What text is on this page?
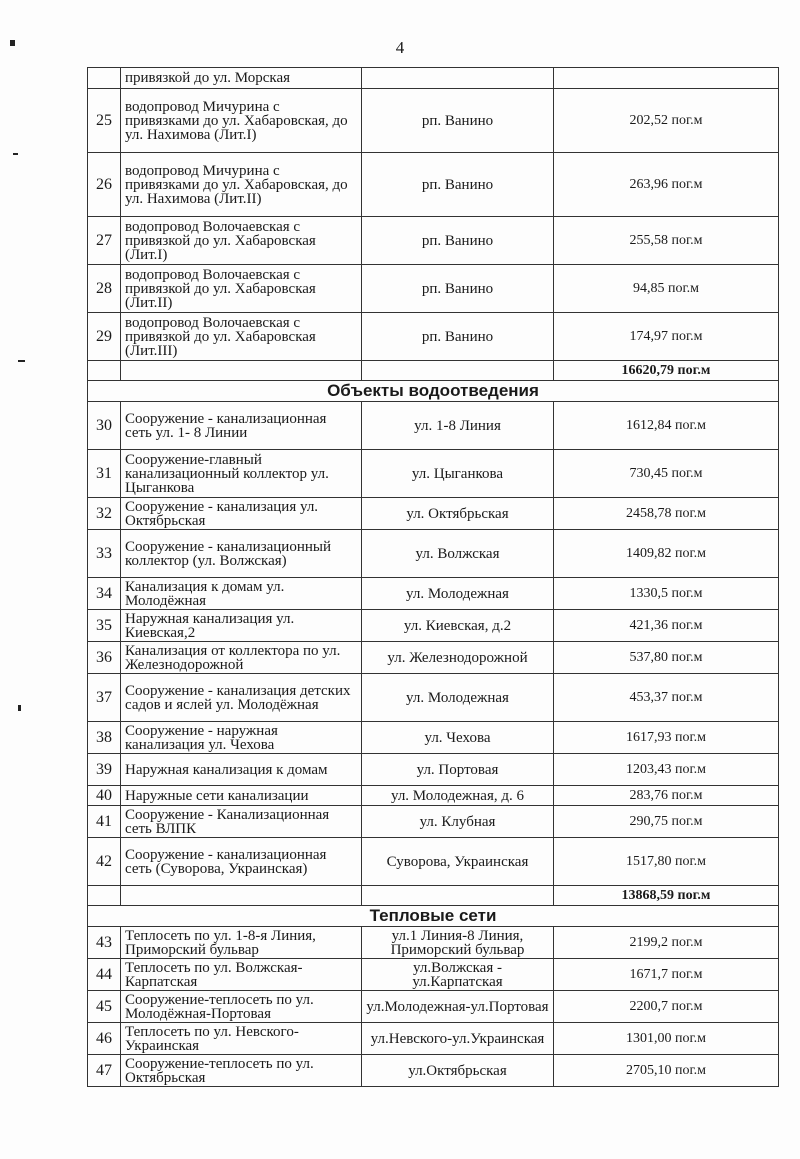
4
	привязкой до ул. Морская		
25	водопровод Мичурина с привязками до ул. Хабаровская, до ул. Нахимова (Лит.I)	рп. Ванино	202,52 пог.м
26	водопровод Мичурина с привязками до ул. Хабаровская, до ул. Нахимова (Лит.II)	рп. Ванино	263,96 пог.м
27	водопровод Волочаевская с привязкой до ул. Хабаровская (Лит.I)	рп. Ванино	255,58 пог.м
28	водопровод Волочаевская с привязкой до ул. Хабаровская (Лит.II)	рп. Ванино	94,85 пог.м
29	водопровод Волочаевская с привязкой до ул. Хабаровская (Лит.III)	рп. Ванино	174,97 пог.м
			16620,79 пог.м
Объекты водоотведения			
30	Сооружение - канализационная сеть ул. 1- 8 Линии	ул. 1-8 Линия	1612,84 пог.м
31	Сооружение-главный канализационный коллектор ул. Цыганкова	ул. Цыганкова	730,45 пог.м
32	Сооружение - канализация ул. Октябрьская	ул. Октябрьская	2458,78 пог.м
33	Сооружение - канализационный коллектор (ул. Волжская)	ул. Волжская	1409,82 пог.м
34	Канализация к домам ул. Молодёжная	ул. Молодежная	1330,5 пог.м
35	Наружная канализация ул. Киевская,2	ул. Киевская, д.2	421,36 пог.м
36	Канализация от коллектора по ул. Железнодорожной	ул. Железнодорожной	537,80 пог.м
37	Сооружение - канализация детских садов и яслей ул. Молодёжная	ул. Молодежная	453,37 пог.м
38	Сооружение - наружная канализация ул. Чехова	ул. Чехова	1617,93 пог.м
39	Наружная канализация к домам	ул. Портовая	1203,43 пог.м
40	Наружные сети канализации	ул. Молодежная, д. 6	283,76 пог.м
41	Сооружение - Канализационная сеть ВЛПК	ул. Клубная	290,75 пог.м
42	Сооружение - канализационная сеть (Суворова, Украинская)	Суворова, Украинская	1517,80 пог.м
			13868,59 пог.м
Тепловые сети			
43	Теплосеть по ул. 1-8-я Линия, Приморский бульвар	ул.1 Линия-8 Линия, Приморский бульвар	2199,2 пог.м
44	Теплосеть по ул. Волжская-Карпатская	ул.Волжская - ул.Карпатская	1671,7 пог.м
45	Сооружение-теплосеть по ул. Молодёжная-Портовая	ул.Молодежная-ул.Портовая	2200,7 пог.м
46	Теплосеть по ул. Невского-Украинская	ул.Невского-ул.Украинская	1301,00 пог.м
47	Сооружение-теплосеть по ул. Октябрьская	ул.Октябрьская	2705,10 пог.м
